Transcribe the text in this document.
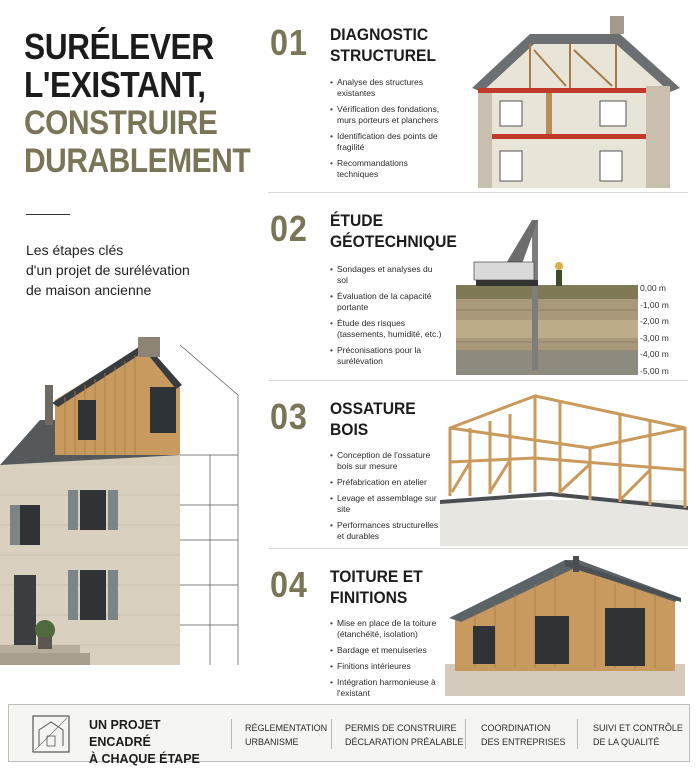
SURÉLEVER
L'EXISTANT,
CONSTRUIRE
DURABLEMENT
Les étapes clés
d'un projet de surélévation
de maison ancienne
01 DIAGNOSTIC
STRUCTUREL
• Analyse des structures existantes
• Vérification des fondations, murs porteurs et planchers
• Identification des points de fragilité
• Recommandations techniques
02 ÉTUDE
GÉOTECHNIQUE
• Sondages et analyses du sol
• Évaluation de la capacité portante
• Étude des risques (tassements, humidité, etc.)
• Préconisations pour la surélévation
0,00 m
-1,00 m
-2,00 m
-3,00 m
-4,00 m
-5,00 m
03 OSSATURE
BOIS
• Conception de l'ossature bois sur mesure
• Préfabrication en atelier
• Levage et assemblage sur site
• Performances structurelles et durables
04 TOITURE ET
FINITIONS
• Mise en place de la toiture (étanchéité, isolation)
• Bardage et menuiseries
• Finitions intérieures
• Intégration harmonieuse à l'existant
UN PROJET ENCADRÉ
À CHAQUE ÉTAPE
RÉGLEMENTATION
URBANISME
PERMIS DE CONSTRUIRE
DÉCLARATION PRÉALABLE
COORDINATION
DES ENTREPRISES
SUIVI ET CONTRÔLE
DE LA QUALITÉ
